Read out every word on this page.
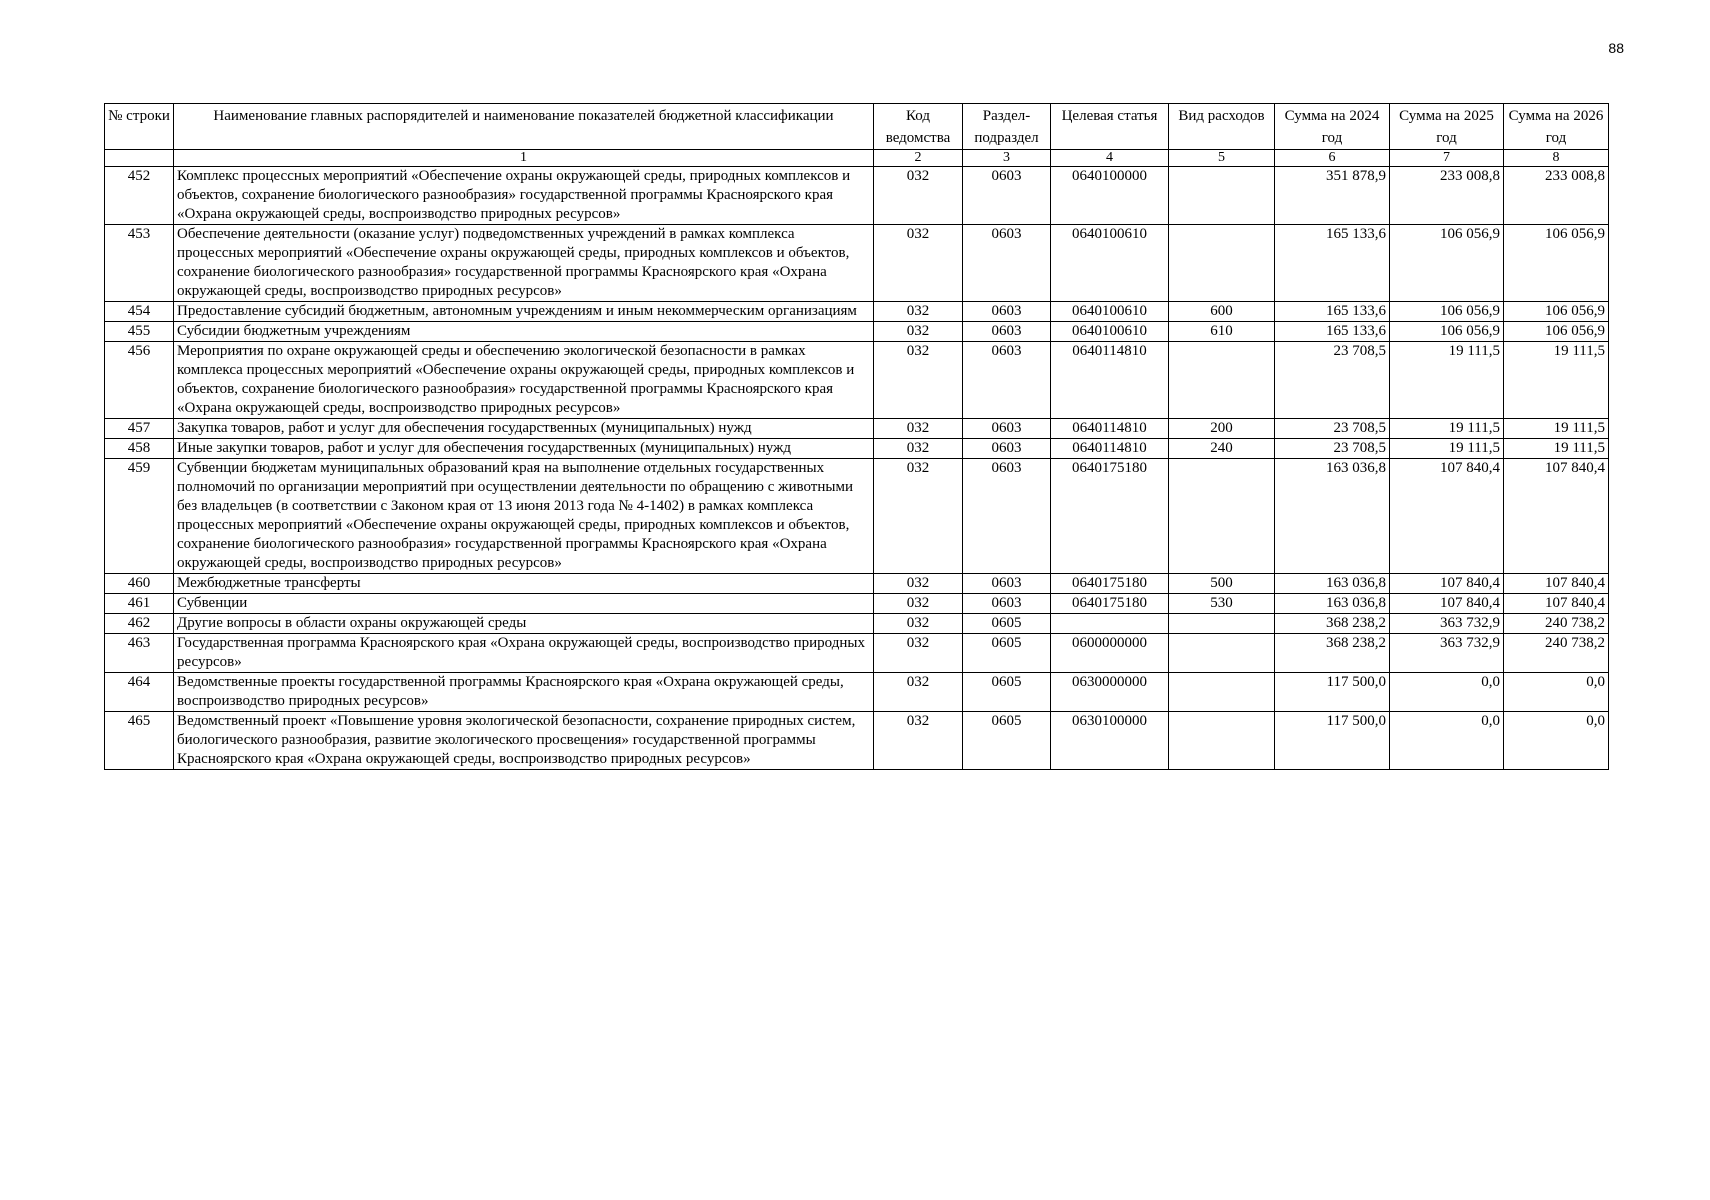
88
№ строки	Наименование главных распорядителей и наименование показателей бюджетной классификации	Код ведомства	Раздел-подраздел	Целевая статья	Вид расходов	Сумма на 2024 год	Сумма на 2025 год	Сумма на 2026 год
	1	2	3	4	5	6	7	8
452	Комплекс процессных мероприятий «Обеспечение охраны окружающей среды, природных комплексов и объектов, сохранение биологического разнообразия» государственной программы Красноярского края «Охрана окружающей среды, воспроизводство природных ресурсов»	032	0603	0640100000		351 878,9	233 008,8	233 008,8
453	Обеспечение деятельности (оказание услуг) подведомственных учреждений в рамках комплекса процессных мероприятий «Обеспечение охраны окружающей среды, природных комплексов и объектов, сохранение биологического разнообразия» государственной программы Красноярского края «Охрана окружающей среды, воспроизводство природных ресурсов»	032	0603	0640100610		165 133,6	106 056,9	106 056,9
454	Предоставление субсидий бюджетным, автономным учреждениям и иным некоммерческим организациям	032	0603	0640100610	600	165 133,6	106 056,9	106 056,9
455	Субсидии бюджетным учреждениям	032	0603	0640100610	610	165 133,6	106 056,9	106 056,9
456	Мероприятия по охране окружающей среды и обеспечению экологической безопасности в рамках комплекса процессных мероприятий «Обеспечение охраны окружающей среды, природных комплексов и объектов, сохранение биологического разнообразия» государственной программы Красноярского края «Охрана окружающей среды, воспроизводство природных ресурсов»	032	0603	0640114810		23 708,5	19 111,5	19 111,5
457	Закупка товаров, работ и услуг для обеспечения государственных (муниципальных) нужд	032	0603	0640114810	200	23 708,5	19 111,5	19 111,5
458	Иные закупки товаров, работ и услуг для обеспечения государственных (муниципальных) нужд	032	0603	0640114810	240	23 708,5	19 111,5	19 111,5
459	Субвенции бюджетам муниципальных образований края на выполнение отдельных государственных полномочий по организации мероприятий при осуществлении деятельности по обращению с животными без владельцев (в соответствии с Законом края от 13 июня 2013 года № 4-1402) в рамках комплекса процессных мероприятий «Обеспечение охраны окружающей среды, природных комплексов и объектов, сохранение биологического разнообразия» государственной программы Красноярского края «Охрана окружающей среды, воспроизводство природных ресурсов»	032	0603	0640175180		163 036,8	107 840,4	107 840,4
460	Межбюджетные трансферты	032	0603	0640175180	500	163 036,8	107 840,4	107 840,4
461	Субвенции	032	0603	0640175180	530	163 036,8	107 840,4	107 840,4
462	Другие вопросы в области охраны окружающей среды	032	0605			368 238,2	363 732,9	240 738,2
463	Государственная программа Красноярского края «Охрана окружающей среды, воспроизводство природных ресурсов»	032	0605	0600000000		368 238,2	363 732,9	240 738,2
464	Ведомственные проекты государственной программы Красноярского края «Охрана окружающей среды, воспроизводство природных ресурсов»	032	0605	0630000000		117 500,0	0,0	0,0
465	Ведомственный проект «Повышение уровня экологической безопасности, сохранение природных систем, биологического разнообразия, развитие экологического просвещения» государственной программы Красноярского края «Охрана окружающей среды, воспроизводство природных ресурсов»	032	0605	0630100000		117 500,0	0,0	0,0
